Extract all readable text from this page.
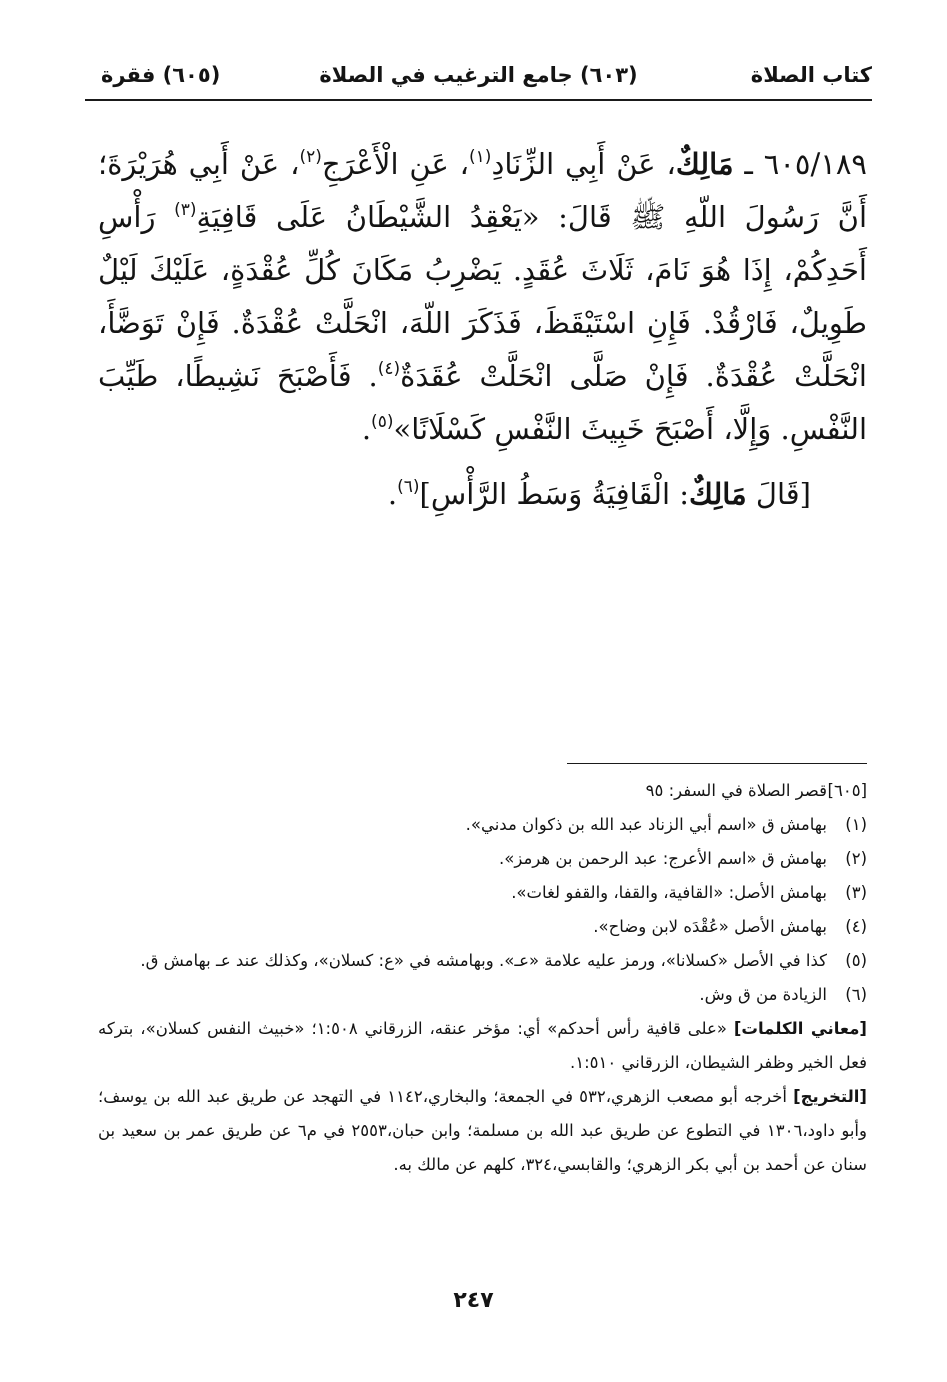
كتاب الصلاة
(٦٠٣) جامع الترغيب في الصلاة
(٦٠٥) فقرة

٦٠٥/١٨٩ ـ مَالِكٌ، عَنْ أَبِي الزِّنَادِ$^{(١)}$، عَنِ الْأَعْرَجِ$^{(٢)}$، عَنْ أَبِي هُرَيْرَةَ؛ أَنَّ رَسُولَ اللّهِ ﷺ قَالَ: «يَعْقِدُ الشَّيْطَانُ عَلَى قَافِيَةِ$^{(٣)}$ رَأْسِ أَحَدِكُمْ، إِذَا هُوَ نَامَ، ثَلَاثَ عُقَدٍ. يَضْرِبُ مَكَانَ كُلِّ عُقْدَةٍ، عَلَيْكَ لَيْلٌ طَوِيلٌ، فَارْقُدْ. فَإِنِ اسْتَيْقَظَ، فَذَكَرَ اللّهَ، انْحَلَّتْ عُقْدَةٌ. فَإِنْ تَوَضَّأَ، انْحَلَّتْ عُقْدَةٌ. فَإِنْ صَلَّى انْحَلَّتْ عُقَدَةٌ$^{(٤)}$. فَأَصْبَحَ نَشِيطًا، طَيِّبَ النَّفْسِ. وَإِلَّا، أَصْبَحَ خَبِيثَ النَّفْسِ كَسْلَانًا»$^{(٥)}$.

[قَالَ مَالِكٌ: الْقَافِيَةُ وَسَطُ الرَّأْسِ]$^{(٦)}$.

[٦٠٥]
قصر الصلاة في السفر: ٩٥
(١)
بهامش ق «اسم أبي الزناد عبد الله بن ذكوان مدني».
(٢)
بهامش ق «اسم الأعرج: عبد الرحمن بن هرمز».
(٣)
بهامش الأصل: «القافية، والقفا، والقفو لغات».
(٤)
بهامش الأصل «عُقْدَه لابن وضاح».
(٥)
كذا في الأصل «كسلانا»، ورمز عليه علامة «عـ». وبهامشه في «ع: كسلان»، وكذلك عند عـ بهامش ق.
(٦)
الزيادة من ق وش.
[معاني الكلمات] «على قافية رأس أحدكم» أي: مؤخر عنقه، الزرقاني ١:٥٠٨؛ «خبيث النفس كسلان»، بتركه فعل الخير وظفر الشيطان، الزرقاني ١:٥١٠.
[التخريج] أخرجه أبو مصعب الزهري،٥٣٢ في الجمعة؛ والبخاري،١١٤٢ في التهجد عن طريق عبد الله بن يوسف؛ وأبو داود،١٣٠٦ في التطوع عن طريق عبد الله بن مسلمة؛ وابن حبان،٢٥٥٣ في م٦ عن طريق عمر بن سعيد بن سنان عن أحمد بن أبي بكر الزهري؛ والقابسي،٣٢٤، كلهم عن مالك به.
٢٤٧
